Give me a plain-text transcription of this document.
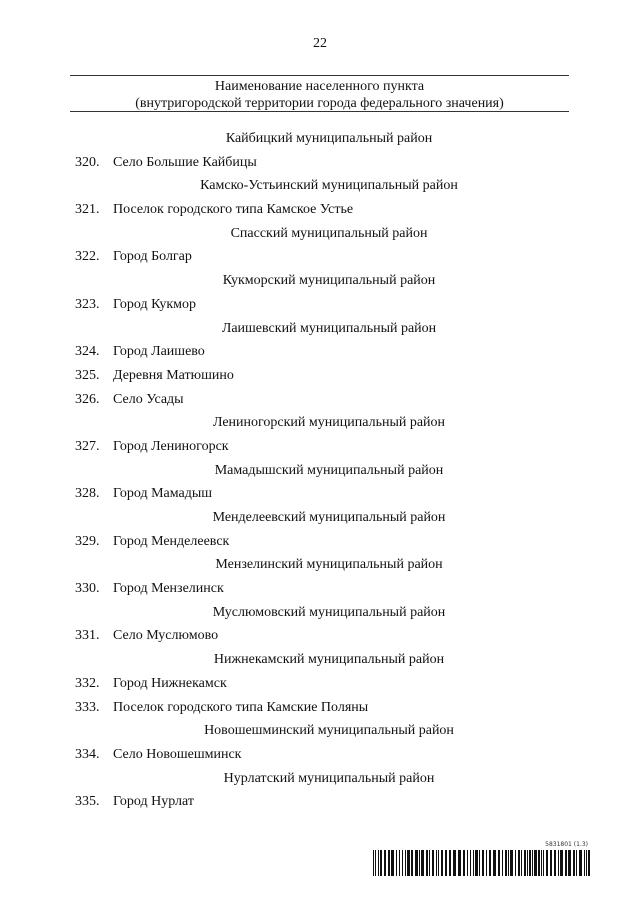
22
Наименование населенного пункта
(внутригородской территории города федерального значения)
Кайбицкий муниципальный район
320. Село Большие Кайбицы
Камско-Устьинский муниципальный район
321. Поселок городского типа Камское Устье
Спасский муниципальный район
322. Город Болгар
Кукморский муниципальный район
323. Город Кукмор
Лаишевский муниципальный район
324. Город Лаишево
325. Деревня Матюшино
326. Село Усады
Лениногорский муниципальный район
327. Город Лениногорск
Мамадышский муниципальный район
328. Город Мамадыш
Менделеевский муниципальный район
329. Город Менделеевск
Мензелинский муниципальный район
330. Город Мензелинск
Муслюмовский муниципальный район
331. Село Муслюмово
Нижнекамский муниципальный район
332. Город Нижнекамск
333. Поселок городского типа Камские Поляны
Новошешминский муниципальный район
334. Село Новошешминск
Нурлатский муниципальный район
335. Город Нурлат
5831801 (1.3)
